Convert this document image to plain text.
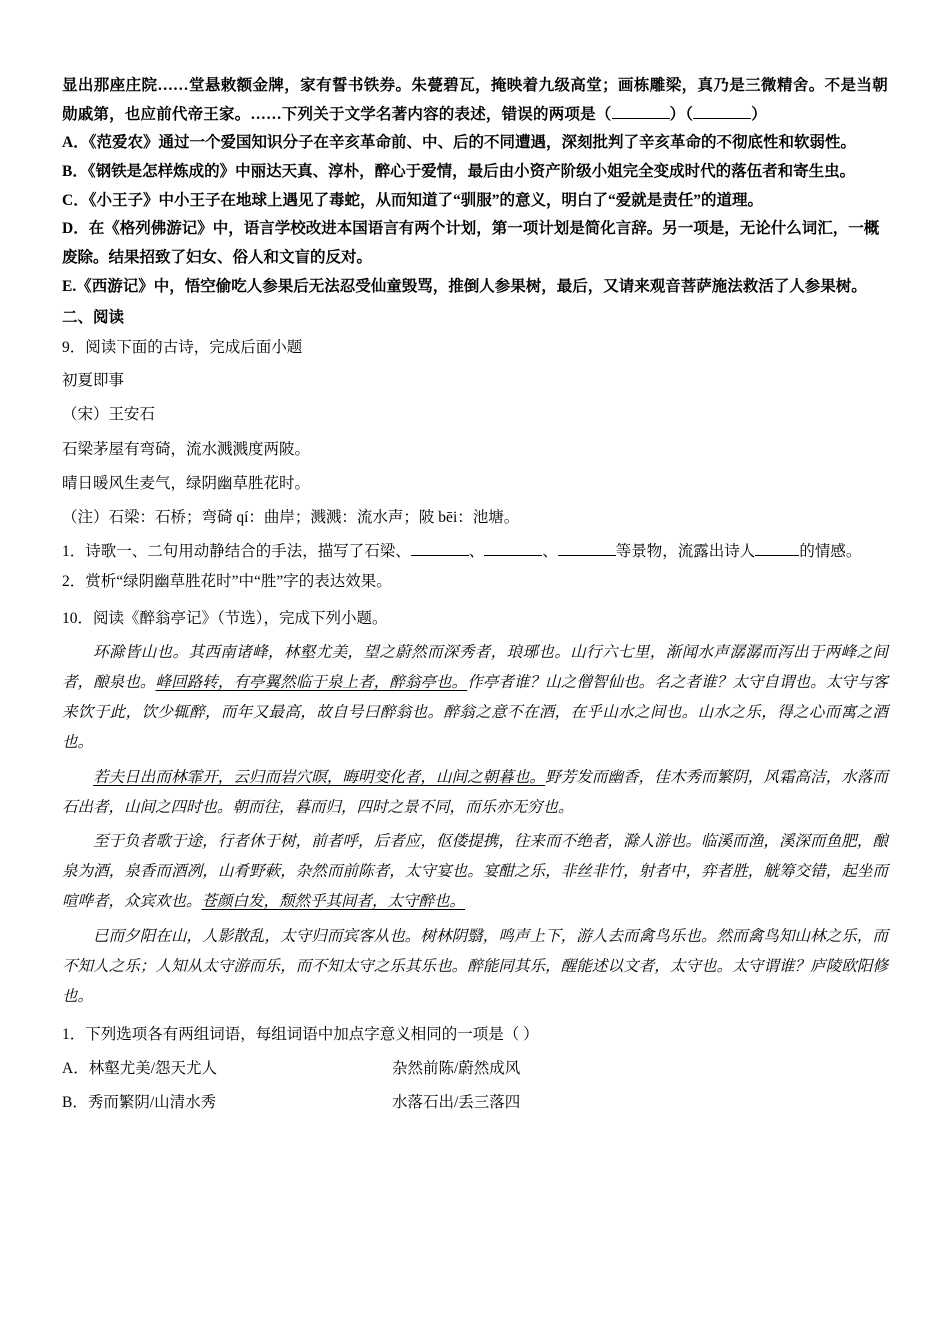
显出那座庄院……堂悬敕额金牌，家有誓书铁券。朱甍碧瓦，掩映着九级高堂；画栋雕梁，真乃是三微精舍。不是当朝勋戚第，也应前代帝王家。……下列关于文学名著内容的表述，错误的两项是（	）（	）

A．《范爱农》通过一个爱国知识分子在辛亥革命前、中、后的不同遭遇，深刻批判了辛亥革命的不彻底性和软弱性。

B．《钢铁是怎样炼成的》中丽达天真、淳朴，醉心于爱情，最后由小资产阶级小姐完全变成时代的落伍者和寄生虫。

C．《小王子》中小王子在地球上遇见了毒蛇，从而知道了“驯服”的意义，明白了“爱就是责任”的道理。

D．在《格列佛游记》中，语言学校改进本国语言有两个计划，第一项计划是简化言辞。另一项是，无论什么词汇，一概废除。结果招致了妇女、俗人和文盲的反对。

E.《西游记》中，悟空偷吃人参果后无法忍受仙童毁骂，推倒人参果树，最后，又请来观音菩萨施法救活了人参果树。

二、阅读

9．阅读下面的古诗，完成后面小题

初夏即事

（宋）王安石

石梁茅屋有弯碕，流水溅溅度两陂。

晴日暖风生麦气，绿阴幽草胜花时。

（注）石梁：石桥；弯碕 qí：曲岸；溅溅：流水声；陂 bēi：池塘。

1．诗歌一、二句用动静结合的手法，描写了石梁、	、	、	等景物，流露出诗人	的情感。

2．赏析“绿阴幽草胜花时”中“胜”字的表达效果。

10．阅读《醉翁亭记》（节选），完成下列小题。

环滁皆山也。其西南诸峰，林壑尤美，望之蔚然而深秀者，琅琊也。山行六七里，渐闻水声潺潺而泻出于两峰之间者，酿泉也。峰回路转，有亭翼然临于泉上者，醉翁亭也。作亭者谁？山之僧智仙也。名之者谁？太守自谓也。太守与客来饮于此，饮少辄醉，而年又最高，故自号曰醉翁也。醉翁之意不在酒，在乎山水之间也。山水之乐，得之心而寓之酒也。

若夫日出而林霏开，云归而岩穴暝，晦明变化者，山间之朝暮也。野芳发而幽香，佳木秀而繁阴，风霜高洁，水落而石出者，山间之四时也。朝而往，暮而归，四时之景不同，而乐亦无穷也。

至于负者歌于途，行者休于树，前者呼，后者应，伛偻提携，往来而不绝者，滁人游也。临溪而渔，溪深而鱼肥，酿泉为酒，泉香而酒冽，山肴野蔌，杂然而前陈者，太守宴也。宴酣之乐，非丝非竹，射者中，弈者胜，觥筹交错，起坐而喧哗者，众宾欢也。苍颜白发，颓然乎其间者，太守醉也。

已而夕阳在山，人影散乱，太守归而宾客从也。树林阴翳，鸣声上下，游人去而禽鸟乐也。然而禽鸟知山林之乐，而不知人之乐；人知从太守游而乐，而不知太守之乐其乐也。醉能同其乐，醒能述以文者，太守也。太守谓谁？庐陵欧阳修也。

1．下列选项各有两组词语，每组词语中加点字意义相同的一项是（ ）

A．林壑尤美/怨天尤人	杂然前陈/蔚然成风
B．秀而繁阴/山清水秀	水落石出/丢三落四
